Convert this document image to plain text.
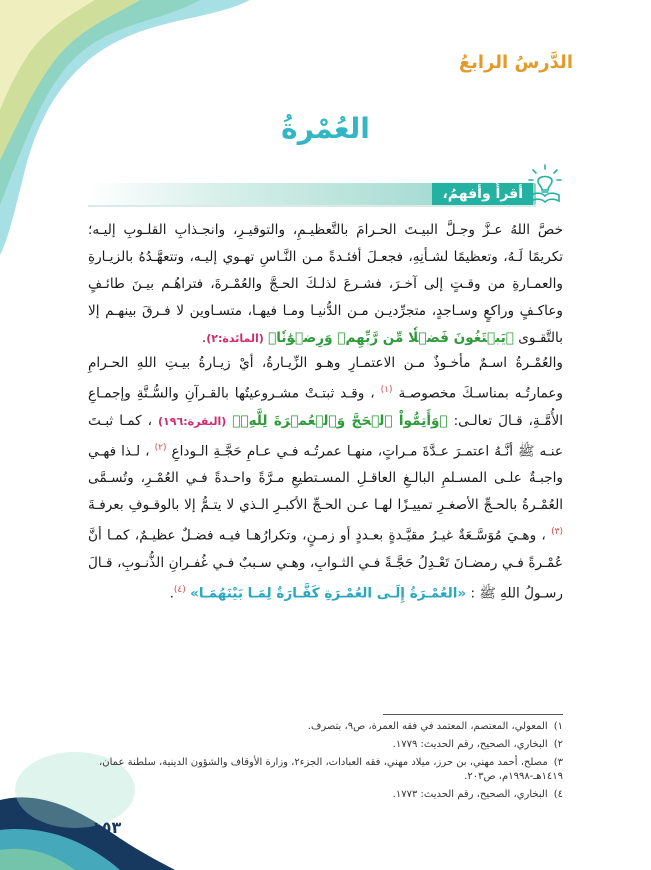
الدَّرسُ الرابعُ
العُمْرةُ
أقرأُ وأفهمُ،
خصَّ اللهُ عـزَّ وجـلَّ البيـتَ الحـرامَ بالتَّعظيـمِ، والتوقيـرِ، وانجـذابِ القلـوبِ إليـه؛ تكريمًا لَـهُ، وتعظيمًا لشـأنِهِ، فجعـلَ أفئـدةً مـن النَّـاسِ تهـوي إليـه، وتتعهَّـدُهُ بالزيـارةِ والعمـارةِ من وقـتٍ إلى آخـرَ، فشـرعَ لذلـكَ الحـجَّ والعُمْـرةَ، فتراهُـم بيـنَ طائـفٍ وعاكـفٍ وراكعٍ وسـاجدٍ، متجرِّديـن مـن الدُّنيـا ومـا فيهـا، متسـاوين لا فـرقَ بينهـم إلا بالتَّقـوى ﴿يَبۡتَغُونَ فَضۡلٗا مِّن رَّبِّهِمۡ وَرِضۡوَٰنٗا﴾ (المائدة:٢).
والعُمْـرةُ اسـمٌ مأخـوذٌ مـن الاعتمـارِ وهـو الزِّيـارةُ، أيْ زيـارةُ بيـتِ اللهِ الحـرامِ وعمارتُـه بمناسـكَ مخصوصـة $^{(١)}$ ، وقـد ثبتـتْ مشـروعيتُها بالقـرآنِ والسُّـنَّةِ وإجمـاعِ الأُمَّـةِ، قـالَ تعالـى: ﴿وَأَتِمُّواْ ٱلۡحَجَّ وَٱلۡعُمۡرَةَ لِلَّهِۚ﴾ (البقرة:١٩٦) ، كمـا ثبـتَ عنـه ﷺ أنَّـهُ اعتمـرَ عـدَّةَ مـراتٍ، منهـا عمرتُـه فـي عـامِ حَجَّـةِ الـوداعِ $^{(٢)}$ ، لـذا فهـي واجبـةٌ علـى المسـلمِ البالـغِ العاقـلِ المسـتطيعِ مـرَّةً واحـدةً فـي العُمْـرِ، وتُسـمَّى العُمْـرةُ بالحـجِّ الأصغـرِ تمييـزًا لهـا عـن الحـجِّ الأكبـرِ الـذي لا يتـمُّ إلا بالوقـوفِ بعرفـةَ $^{(٣)}$ ، وهـيَ مُوَسَّـعَةٌ غيـرُ مقيَّـدةٍ بعـددٍ أو زمـنٍ، وتكرارُهـا فيـه فضـلٌ عظيـمٌ، كمـا أنَّ عُمْـرةً فـي رمضـانَ تَعْـدِلُ حَجَّـةً فـي الثـوابِ، وهـي سـببٌ فـي غُفـرانِ الذُّنـوبِ، قـالَ رسـولُ اللهِ ﷺ : «العُمْـرَةُ إِلَـى العُمْـرَةِ كَفَّـارَةٌ لِمَـا بَيْنَهُمَـا» $^{(٤)}$.
١)المعولي، المعتصم، المعتمد في فقه العمرة، ص٩، بتصرف.
٢)البخاري، الصحيح، رقم الحديث: ١٧٧٩.
٣)مصلح، أحمد مهني، بن حرز، ميلاد مهني، فقه العبادات، الجزء٢، وزارة الأوقاف والشؤون الدينية، سلطنة عمان، ١٤١٩هـ-١٩٩٨م، ص٢٠٣.
٤)البخاري، الصحيح، رقم الحديث: ١٧٧٣.
١٥٣
